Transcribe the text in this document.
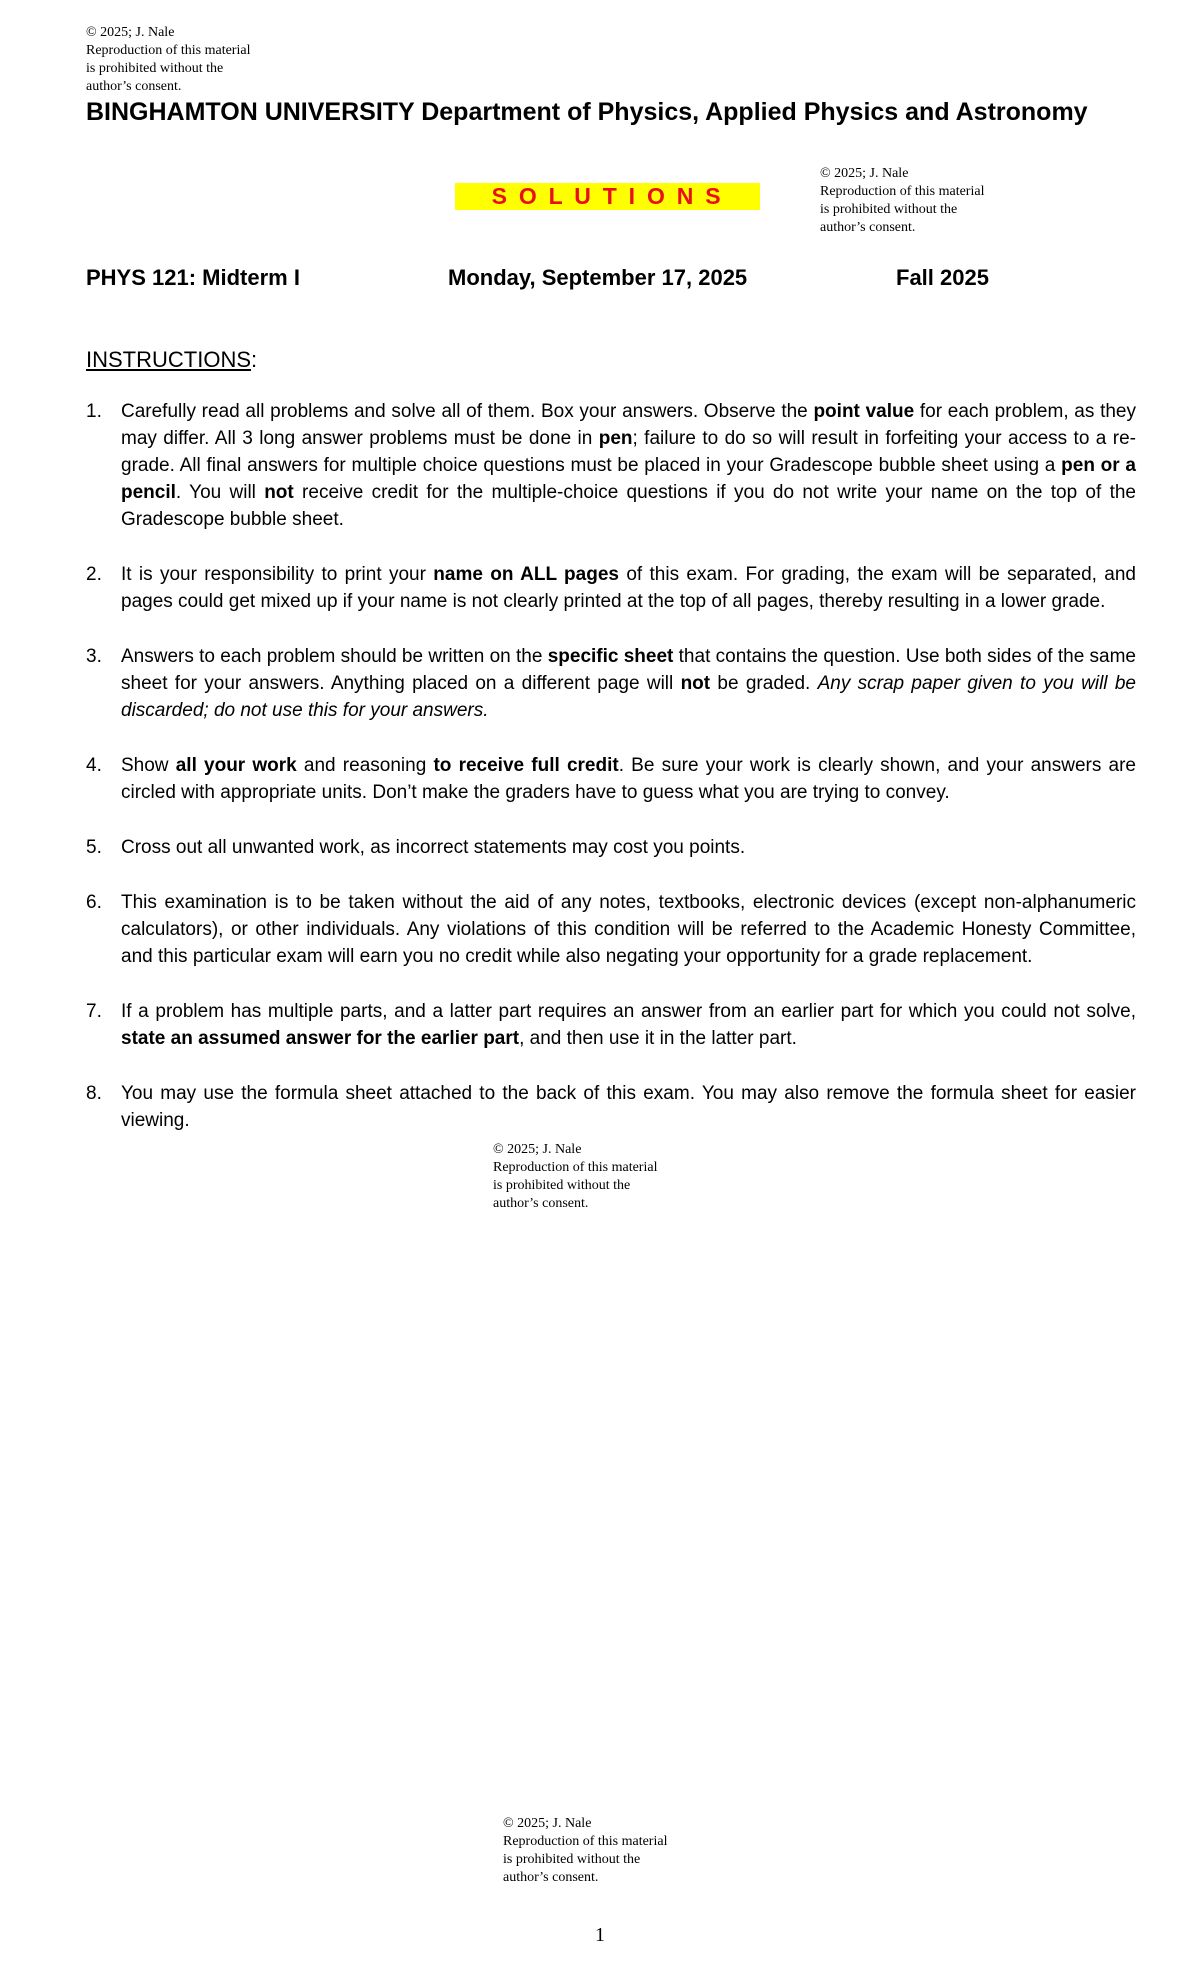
© 2025; J. Nale
Reproduction of this material
is prohibited without the
author’s consent.
BINGHAMTON UNIVERSITY Department of Physics, Applied Physics and Astronomy
S O L U T I O N S
© 2025; J. Nale
Reproduction of this material
is prohibited without the
author’s consent.
PHYS 121: Midterm I	Monday, September 17, 2025	Fall 2025
INSTRUCTIONS:
1. Carefully read all problems and solve all of them. Box your answers. Observe the point value for each problem, as they may differ. All 3 long answer problems must be done in pen; failure to do so will result in forfeiting your access to a re-grade. All final answers for multiple choice questions must be placed in your Gradescope bubble sheet using a pen or a pencil. You will not receive credit for the multiple-choice questions if you do not write your name on the top of the Gradescope bubble sheet.
2. It is your responsibility to print your name on ALL pages of this exam. For grading, the exam will be separated, and pages could get mixed up if your name is not clearly printed at the top of all pages, thereby resulting in a lower grade.
3. Answers to each problem should be written on the specific sheet that contains the question. Use both sides of the same sheet for your answers. Anything placed on a different page will not be graded. Any scrap paper given to you will be discarded; do not use this for your answers.
4. Show all your work and reasoning to receive full credit. Be sure your work is clearly shown, and your answers are circled with appropriate units. Don’t make the graders have to guess what you are trying to convey.
5. Cross out all unwanted work, as incorrect statements may cost you points.
6. This examination is to be taken without the aid of any notes, textbooks, electronic devices (except non-alphanumeric calculators), or other individuals. Any violations of this condition will be referred to the Academic Honesty Committee, and this particular exam will earn you no credit while also negating your opportunity for a grade replacement.
7. If a problem has multiple parts, and a latter part requires an answer from an earlier part for which you could not solve, state an assumed answer for the earlier part, and then use it in the latter part.
8. You may use the formula sheet attached to the back of this exam. You may also remove the formula sheet for easier viewing.
© 2025; J. Nale
Reproduction of this material
is prohibited without the
author’s consent.
© 2025; J. Nale
Reproduction of this material
is prohibited without the
author’s consent.
1
